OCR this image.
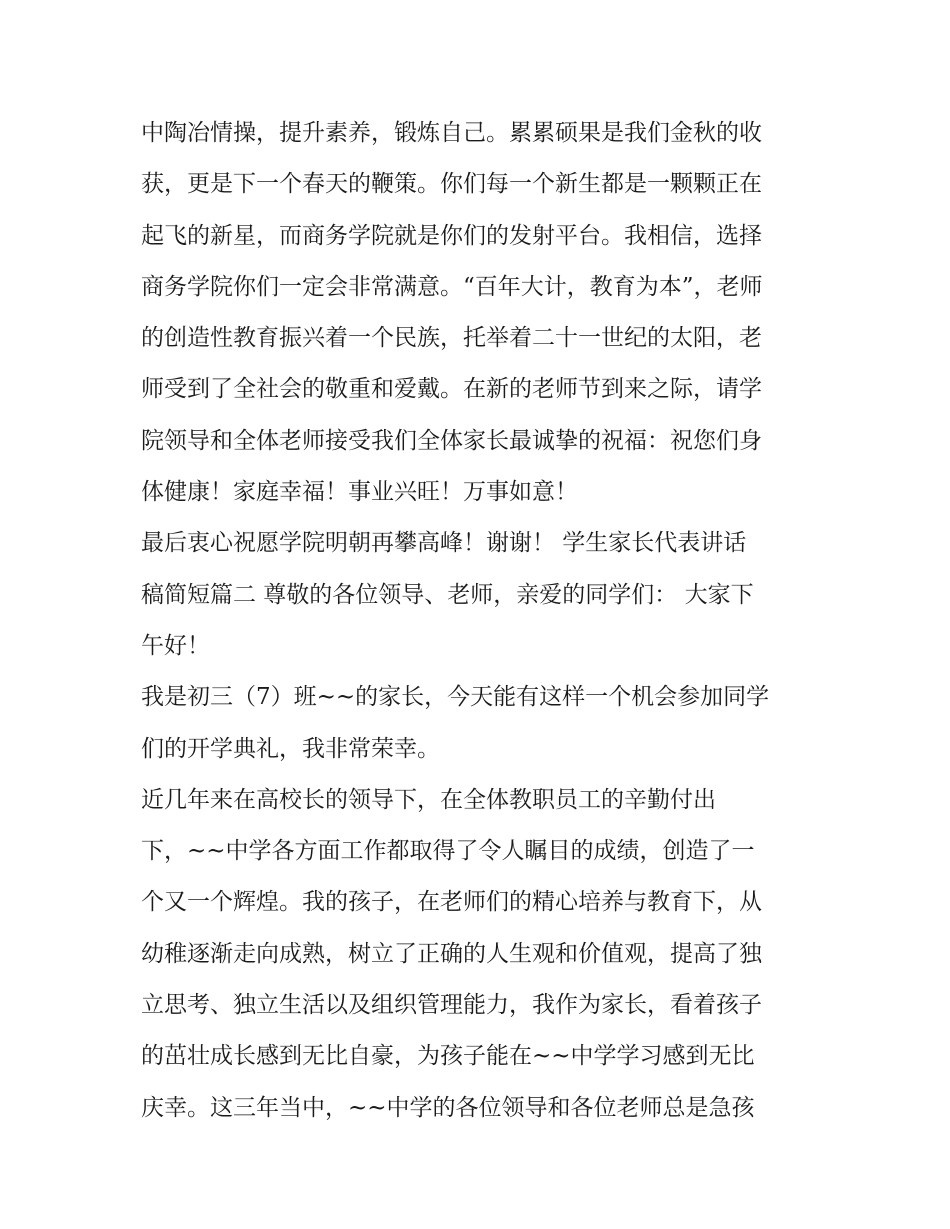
中陶冶情操，提升素养，锻炼自己。累累硕果是我们金秋的收
获，更是下一个春天的鞭策。你们每一个新生都是一颗颗正在
起飞的新星，而商务学院就是你们的发射平台。我相信，选择
商务学院你们一定会非常满意。“百年大计，教育为本”，老师
的创造性教育振兴着一个民族，托举着二十一世纪的太阳，老
师受到了全社会的敬重和爱戴。在新的老师节到来之际，请学
院领导和全体老师接受我们全体家长最诚挚的祝福：祝您们身
体健康！家庭幸福！事业兴旺！万事如意！
最后衷心祝愿学院明朝再攀高峰！谢谢！ 学生家长代表讲话
稿简短篇二 尊敬的各位领导、老师，亲爱的同学们： 大家下
午好！
我是初三（7）班~~的家长，今天能有这样一个机会参加同学
们的开学典礼，我非常荣幸。
近几年来在高校长的领导下，在全体教职员工的辛勤付出
下，~~中学各方面工作都取得了令人瞩目的成绩，创造了一
个又一个辉煌。我的孩子，在老师们的精心培养与教育下，从
幼稚逐渐走向成熟，树立了正确的人生观和价值观，提高了独
立思考、独立生活以及组织管理能力，我作为家长，看着孩子
的茁壮成长感到无比自豪，为孩子能在~~中学学习感到无比
庆幸。这三年当中，~~中学的各位领导和各位老师总是急孩
